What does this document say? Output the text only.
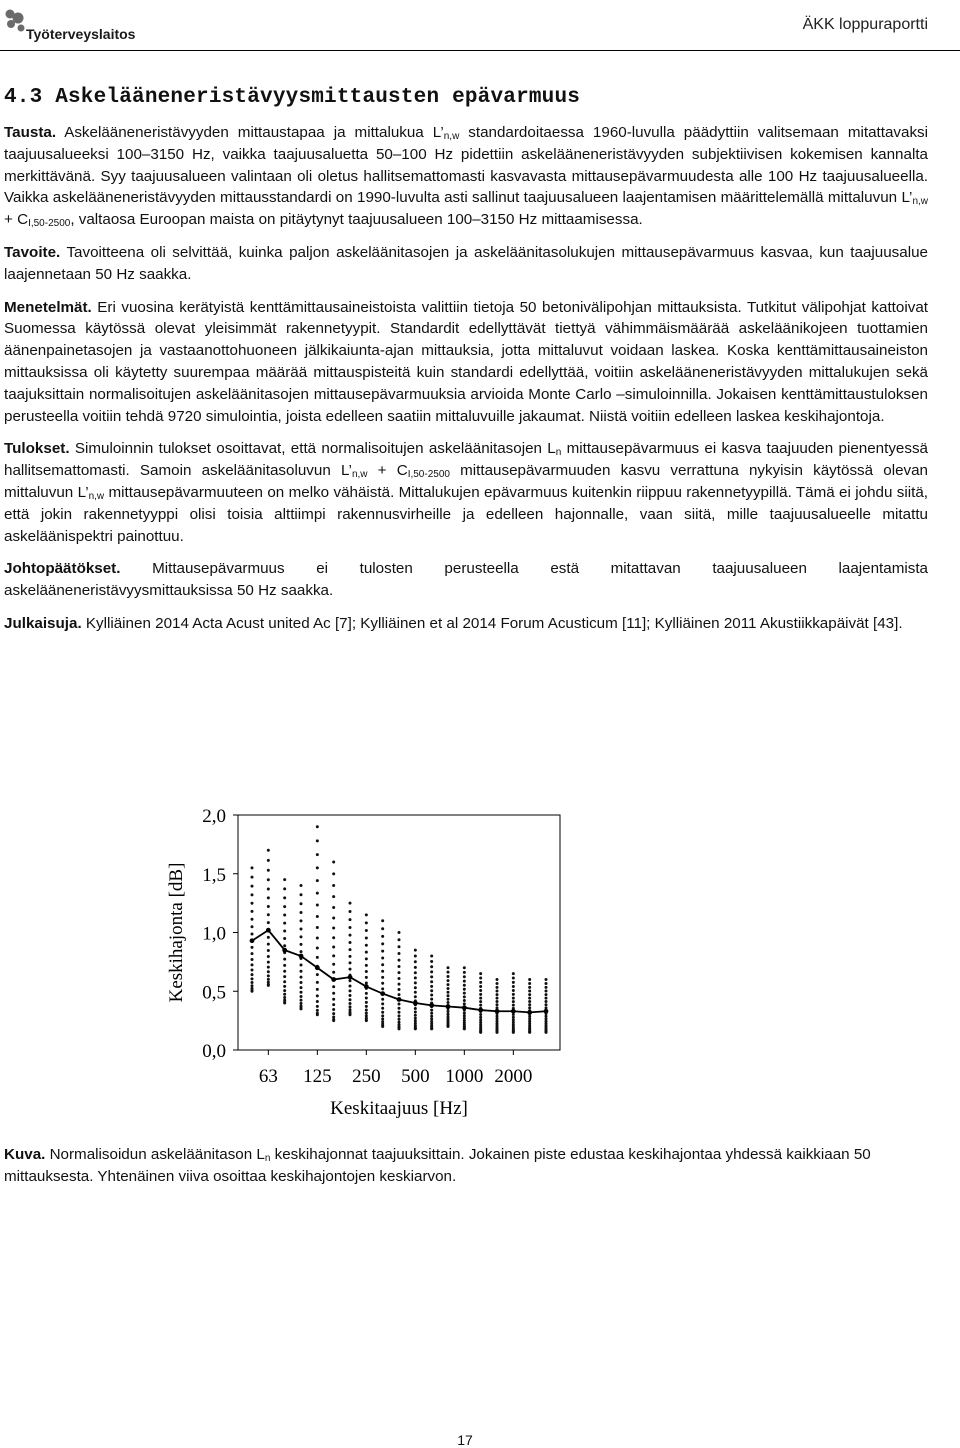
Työterveyslaitos
ÄKK loppuraportti
4.3 Askelääneneristävyysmittausten epävarmuus

Tausta. Askelääneneristävyyden mittaustapaa ja mittalukua $L’_{n,w}$ standardoitaessa 1960-luvulla päädyttiin valitsemaan mitattavaksi taajuusalueeksi 100–3150 Hz, vaikka taajuusaluetta 50–100 Hz pidettiin askelääneneristävyyden subjektiivisen kokemisen kannalta merkittävänä. Syy taajuusalueen valintaan oli oletus hallitsemattomasti kasvavasta mittausepävarmuudesta alle 100 Hz taajuusalueella. Vaikka askelääneneristävyyden mittausstandardi on 1990-luvulta asti sallinut taajuusalueen laajentamisen määrittelemällä mittaluvun $L’_{n,w} + C_{I,50-2500}$, valtaosa Euroopan maista on pitäytynyt taajuusalueen 100–3150 Hz mittaamisessa.

Tavoite. Tavoitteena oli selvittää, kuinka paljon askeläänitasojen ja askeläänitasolukujen mittausepävarmuus kasvaa, kun taajuusalue laajennetaan 50 Hz saakka.

Menetelmät. Eri vuosina kerätyistä kenttämittausaineistoista valittiin tietoja 50 betonivälipohjan mittauksista. Tutkitut välipohjat kattoivat Suomessa käytössä olevat yleisimmät rakennetyypit. Standardit edellyttävät tiettyä vähimmäismäärää askeläänikojeen tuottamien äänenpainetasojen ja vastaanottohuoneen jälkikaiunta-ajan mittauksia, jotta mittaluvut voidaan laskea. Koska kenttämittausaineiston mittauksissa oli käytetty suurempaa määrää mittauspisteitä kuin standardi edellyttää, voitiin askelääneneristävyyden mittalukujen sekä taajuksittain normalisoitujen askeläänitasojen mittausepävarmuuksia arvioida Monte Carlo –simuloinnilla. Jokaisen kenttämittaustuloksen perusteella voitiin tehdä 9720 simulointia, joista edelleen saatiin mittaluvuille jakaumat. Niistä voitiin edelleen laskea keskihajontoja.

Tulokset. Simuloinnin tulokset osoittavat, että normalisoitujen askeläänitasojen $L_n$ mittausepävarmuus ei kasva taajuuden pienentyessä hallitsemattomasti. Samoin askeläänitasoluvun $L’_{n,w} + C_{I,50-2500}$ mittausepävarmuuden kasvu verrattuna nykyisin käytössä olevan mittaluvun $L’_{n,w}$ mittausepävarmuuteen on melko vähäistä. Mittalukujen epävarmuus kuitenkin riippuu rakennetyypillä. Tämä ei johdu siitä, että jokin rakennetyyppi olisi toisia alttiimpi rakennusvirheille ja edelleen hajonnalle, vaan siitä, mille taajuusalueelle mitattu askeläänispektri painottuu.

Johtopäätökset. Mittausepävarmuus ei tulosten perusteella estä mitattavan taajuusalueen laajentamista askelääneneristävyysmittauksissa 50 Hz saakka.

Julkaisuja. Kylliäinen 2014 Acta Acust united Ac [7]; Kylliäinen et al 2014 Forum Acusticum [11]; Kylliäinen 2011 Akustiikkapäivät [43].

2,0
1,5
1,0
0,5
0,0
63 125 250 500 1000 2000
Keskitaajuus [Hz]
Keskihajonta [dB]
Kuva. Normalisoidun askeläänitason $L_n$ keskihajonnat taajuuksittain. Jokainen piste edustaa keskihajontaa yhdessä kaikkiaan 50 mittauksesta. Yhtenäinen viiva osoittaa keskihajontojen keskiarvon.
17
